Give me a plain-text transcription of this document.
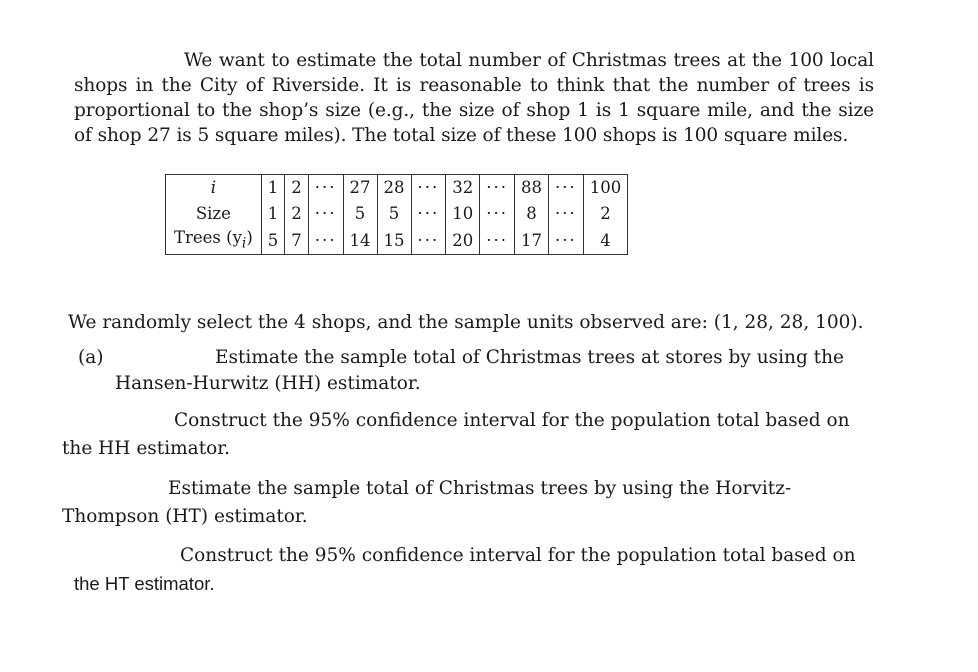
We want to estimate the total number of Christmas trees at the 100 local shops in the City of Riverside. It is reasonable to think that the number of trees is proportional to the shop’s size (e.g., the size of shop 1 is 1 square mile, and the size of shop 27 is 5 square miles). The total size of these 100 shops is 100 square miles.

i	1	2	···	27	28	···	32	···	88	···	100
Size	1	2	···	5	5	···	10	···	8	···	2
Trees $(y_i)$	5	7	···	14	15	···	20	···	17	···	4

We randomly select the 4 shops, and the sample units observed are: (1, 28, 28, 100).

(a)	Estimate the sample total of Christmas trees at stores by using the

Hansen-Hurwitz (HH) estimator.

Construct the 95% confidence interval for the population total based on

the HH estimator.

Estimate the sample total of Christmas trees by using the Horvitz-

Thompson (HT) estimator.

Construct the 95% confidence interval for the population total based on

the HT estimator.
